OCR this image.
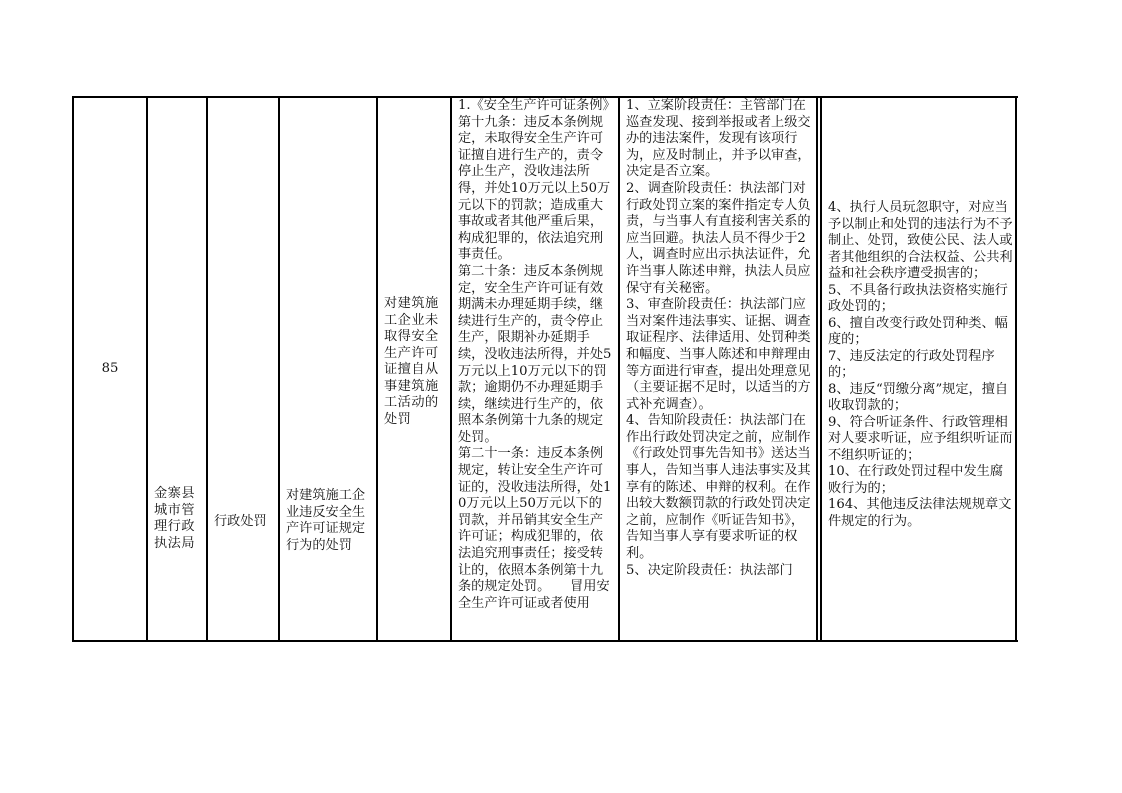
85
金寨县城市管理行政执法局
行政处罚
对建筑施工企业违反安全生产许可证规定行为的处罚
对建筑施工企业未取得安全生产许可证擅自从事建筑施工活动的处罚
1.《安全生产许可证条例》第十九条：违反本条例规定，未取得安全生产许可证擅自进行生产的，责令停止生产，没收违法所得，并处10万元以上50万元以下的罚款；造成重大事故或者其他严重后果，构成犯罪的，依法追究刑事责任。
第二十条：违反本条例规定，安全生产许可证有效期满未办理延期手续，继续进行生产的，责令停止生产，限期补办延期手续，没收违法所得，并处5万元以上10万元以下的罚款；逾期仍不办理延期手续，继续进行生产的，依照本条例第十九条的规定处罚。
第二十一条：违反本条例规定，转让安全生产许可证的，没收违法所得，处10万元以上50万元以下的罚款，并吊销其安全生产许可证；构成犯罪的，依法追究刑事责任；接受转让的，依照本条例第十九条的规定处罚。　　冒用安全生产许可证或者使用
1、立案阶段责任：主管部门在巡查发现、接到举报或者上级交办的违法案件，发现有该项行为，应及时制止，并予以审查，决定是否立案。
2、调查阶段责任：执法部门对行政处罚立案的案件指定专人负责，与当事人有直接利害关系的应当回避。执法人员不得少于2人，调查时应出示执法证件，允许当事人陈述申辩，执法人员应保守有关秘密。
3、审查阶段责任：执法部门应当对案件违法事实、证据、调查取证程序、法律适用、处罚种类和幅度、当事人陈述和申辩理由等方面进行审查，提出处理意见（主要证据不足时，以适当的方式补充调查）。
4、告知阶段责任：执法部门在作出行政处罚决定之前，应制作《行政处罚事先告知书》送达当事人，告知当事人违法事实及其享有的陈述、申辩的权利。在作出较大数额罚款的行政处罚决定之前，应制作《听证告知书》，告知当事人享有要求听证的权利。
5、决定阶段责任：执法部门
4、执行人员玩忽职守，对应当予以制止和处罚的违法行为不予制止、处罚，致使公民、法人或者其他组织的合法权益、公共利益和社会秩序遭受损害的；
5、不具备行政执法资格实施行政处罚的；
6、擅自改变行政处罚种类、幅度的；
7、违反法定的行政处罚程序的；
8、违反“罚缴分离”规定，擅自收取罚款的；
9、符合听证条件、行政管理相对人要求听证，应予组织听证而不组织听证的；
10、在行政处罚过程中发生腐败行为的；
164、其他违反法律法规规章文件规定的行为。
